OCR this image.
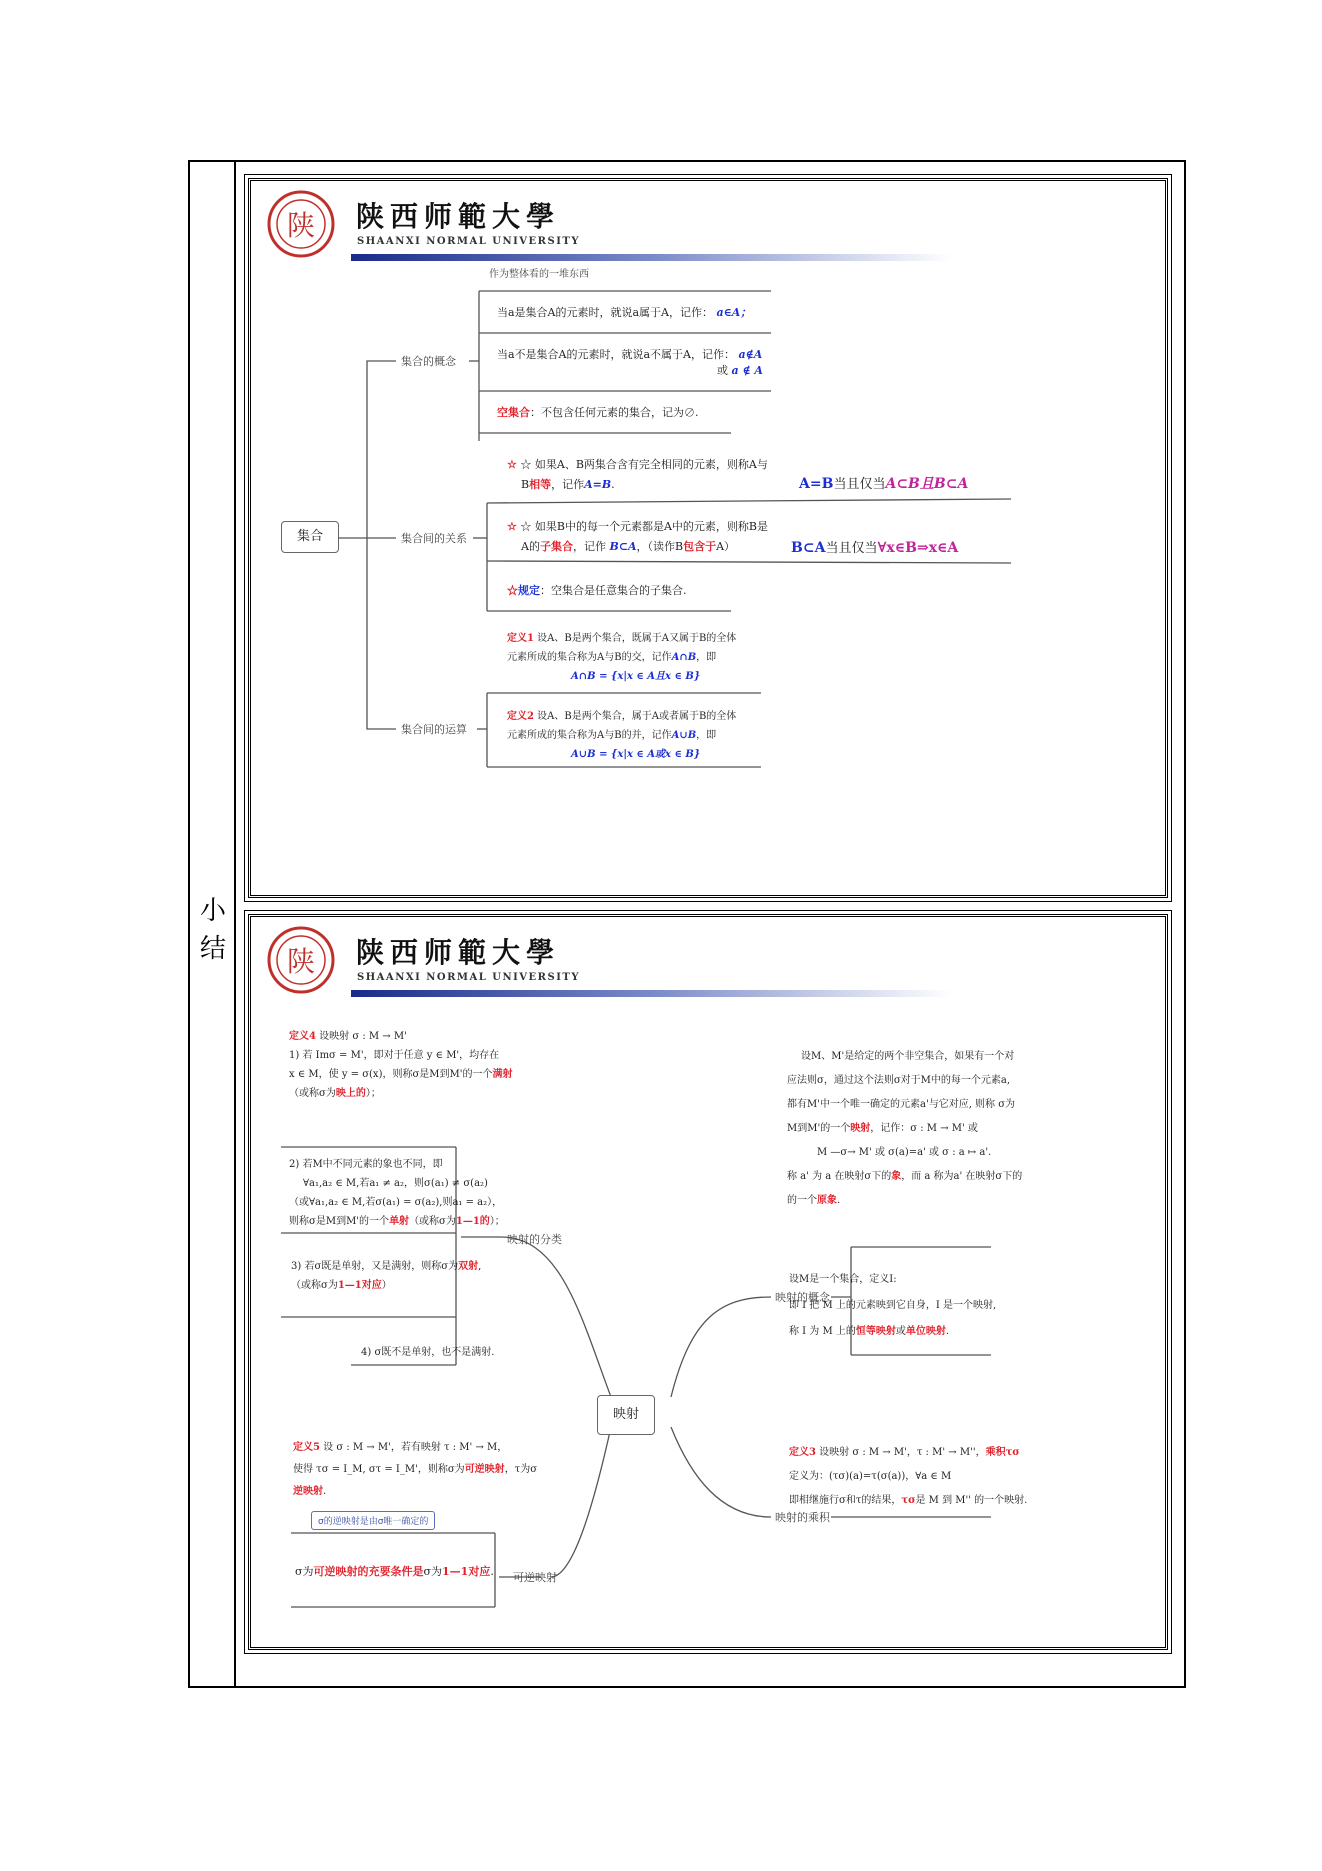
小
结
陕 陕西师範大學
SHAANXI NORMAL UNIVERSITY
集合
集合的概念
集合间的关系
集合间的运算
作为整体看的一堆东西
当a是集合A的元素时，就说a属于A，记作： a∈A；
当a不是集合A的元素时，就说a不属于A，记作： a∉A
或 a ∉ A
空集合：不包含任何元素的集合，记为∅.
☆ ☆ 如果A、B两集合含有完全相同的元素，则称A与
B相等，记作A=B.	A=B当且仅当A⊂B且B⊂A
☆ ☆ 如果B中的每一个元素都是A中的元素，则称B是
A的子集合，记作 B⊂A，（读作B包含于A）	B⊂A当且仅当∀x∈B⇒x∈A
☆规定：空集合是任意集合的子集合.
定义1 设A、B是两个集合，既属于A又属于B的全体
元素所成的集合称为A与B的交，记作A∩B，即
A∩B = {x|x ∈ A且x ∈ B}
定义2 设A、B是两个集合，属于A或者属于B的全体
元素所成的集合称为A与B的并，记作A∪B，即
A∪B = {x|x ∈ A或x ∈ B}
陕 陕西师範大學
SHAANXI NORMAL UNIVERSITY
映射
映射的分类
映射的概念
映射的乘积
可逆映射
定义4 设映射 σ : M → M'
1) 若 Imσ = M'，即对于任意 y ∈ M'，均存在
x ∈ M，使 y = σ(x)，则称σ是M到M'的一个满射
（或称σ为映上的）；
2) 若M中不同元素的象也不同，即
∀a₁,a₂ ∈ M,若a₁ ≠ a₂，则σ(a₁) ≠ σ(a₂)
（或∀a₁,a₂ ∈ M,若σ(a₁) = σ(a₂),则a₁ = a₂），
则称σ是M到M'的一个单射（或称σ为1—1的）；
3) 若σ既是单射，又是满射，则称σ为双射,
（或称σ为1—1对应）
4) σ既不是单射，也不是满射.
定义5 设 σ : M → M'，若有映射 τ : M' → M，
使得 τσ = I_M, στ = I_M'，则称σ为可逆映射，τ为σ
逆映射.
σ的逆映射是由σ唯一确定的
σ为可逆映射的充要条件是σ为1—1对应.
设M、M'是给定的两个非空集合，如果有一个对
应法则σ，通过这个法则σ对于M中的每一个元素a,
都有M'中一个唯一确定的元素a'与它对应, 则称 σ为
M到M'的一个映射，记作：σ : M → M' 或
M —σ→ M' 或 σ(a)=a' 或 σ : a ↦ a'.
称 a' 为 a 在映射σ下的象，而 a 称为a' 在映射σ下的
的一个原象.
设M是一个集合，定义I:
即 I 把 M 上的元素映到它自身，I 是一个映射,
称 I 为 M 上的恒等映射或单位映射.
定义3 设映射 σ : M → M'，τ : M' → M''，乘积τσ
定义为：(τσ)(a)=τ(σ(a))，∀a ∈ M
即相继施行σ和τ的结果，τσ是 M 到 M'' 的一个映射.
